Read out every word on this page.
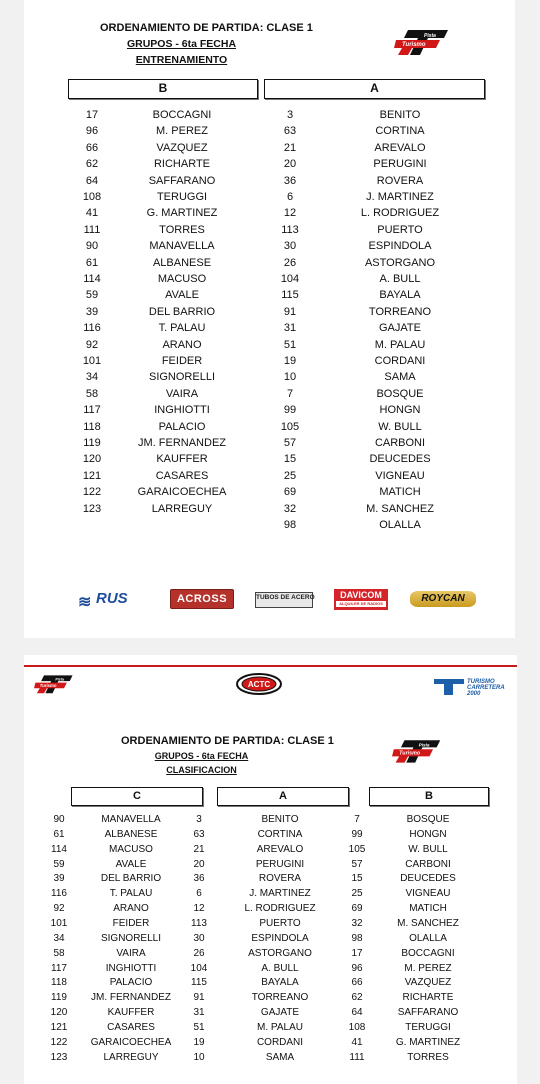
ORDENAMIENTO DE PARTIDA: CLASE 1
GRUPOS - 6ta FECHA
ENTRENAMIENTO
Turismo
Pista
B	A
17	BOCCAGNI	3	BENITO
96	M. PEREZ	63	CORTINA
66	VAZQUEZ	21	AREVALO
62	RICHARTE	20	PERUGINI
64	SAFFARANO	36	ROVERA
108	TERUGGI	6	J. MARTINEZ
41	G. MARTINEZ	12	L. RODRIGUEZ
111	TORRES	113	PUERTO
90	MANAVELLA	30	ESPINDOLA
61	ALBANESE	26	ASTORGANO
114	MACUSO	104	A. BULL
59	AVALE	115	BAYALA
39	DEL BARRIO	91	TORREANO
116	T. PALAU	31	GAJATE
92	ARANO	51	M. PALAU
101	FEIDER	19	CORDANI
34	SIGNORELLI	10	SAMA
58	VAIRA	7	BOSQUE
117	INGHIOTTI	99	HONGN
118	PALACIO	105	W. BULL
119	JM. FERNANDEZ	57	CARBONI
120	KAUFFER	15	DEUCEDES
121	CASARES	25	VIGNEAU
122	GARAICOECHEA	69	MATICH
123	LARREGUY	32	M. SANCHEZ
98	OLALLA
≋ RUS	ACROSS	TUBOS DE ACERO	DAVICOM
ALQUILER DE RADIOS	ROYCAN
Turismo
Pista
ACTC	TURISMO
CARRETERA
2000
ORDENAMIENTO DE PARTIDA: CLASE 1
GRUPOS - 6ta FECHA
CLASIFICACION
Turismo
Pista
C	A	B
90	MANAVELLA	3	BENITO	7	BOSQUE
61	ALBANESE	63	CORTINA	99	HONGN
114	MACUSO	21	AREVALO	105	W. BULL
59	AVALE	20	PERUGINI	57	CARBONI
39	DEL BARRIO	36	ROVERA	15	DEUCEDES
116	T. PALAU	6	J. MARTINEZ	25	VIGNEAU
92	ARANO	12	L. RODRIGUEZ	69	MATICH
101	FEIDER	113	PUERTO	32	M. SANCHEZ
34	SIGNORELLI	30	ESPINDOLA	98	OLALLA
58	VAIRA	26	ASTORGANO	17	BOCCAGNI
117	INGHIOTTI	104	A. BULL	96	M. PEREZ
118	PALACIO	115	BAYALA	66	VAZQUEZ
119	JM. FERNANDEZ	91	TORREANO	62	RICHARTE
120	KAUFFER	31	GAJATE	64	SAFFARANO
121	CASARES	51	M. PALAU	108	TERUGGI
122	GARAICOECHEA	19	CORDANI	41	G. MARTINEZ
123	LARREGUY	10	SAMA	111	TORRES
